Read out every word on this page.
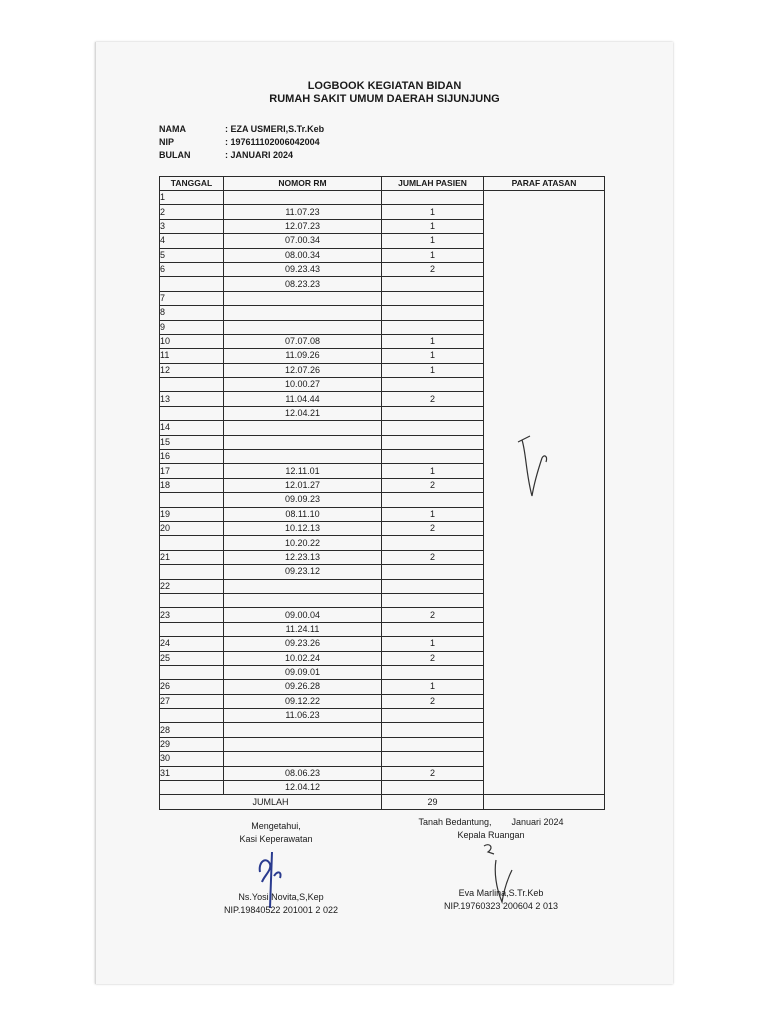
LOGBOOK KEGIATAN BIDAN
RUMAH SAKIT UMUM DAERAH SIJUNJUNG
NAMA	: EZA USMERI,S.Tr.Keb
NIP	: 197611102006042004
BULAN	: JANUARI 2024
TANGGAL	NOMOR RM	JUMLAH PASIEN	PARAF ATASAN
1			
2	11.07.23	1	
3	12.07.23	1	
4	07.00.34	1	
5	08.00.34	1	
6	09.23.43	2	
	08.23.23		
7			
8			
9			
10	07.07.08	1	
11	11.09.26	1	
12	12.07.26	1	
	10.00.27		
13	11.04.44	2	
	12.04.21		
14			
15			
16			
17	12.11.01	1	
18	12.01.27	2	
	09.09.23		
19	08.11.10	1	
20	10.12.13	2	
	10.20.22		
21	12.23.13	2	
	09.23.12		
22			

23	09.00.04	2	
	11.24.11		
24	09.23.26	1	
25	10.02.24	2	
	09.09.01		
26	09.26.28	1	
27	09.12.22	2	
	11.06.23		
28			
29			
30			
31	08.06.23	2	
	12.04.12		
JUMLAH		29	
Mengetahui,
Kasi Keperawatan
Tanah Bedantung,        Januari 2024
Kepala Ruangan
Ns.Yosi Novita,S,Kep
NIP.19840522 201001 2 022
Eva Marlina,S.Tr.Keb
NIP.19760323 200604 2 013
